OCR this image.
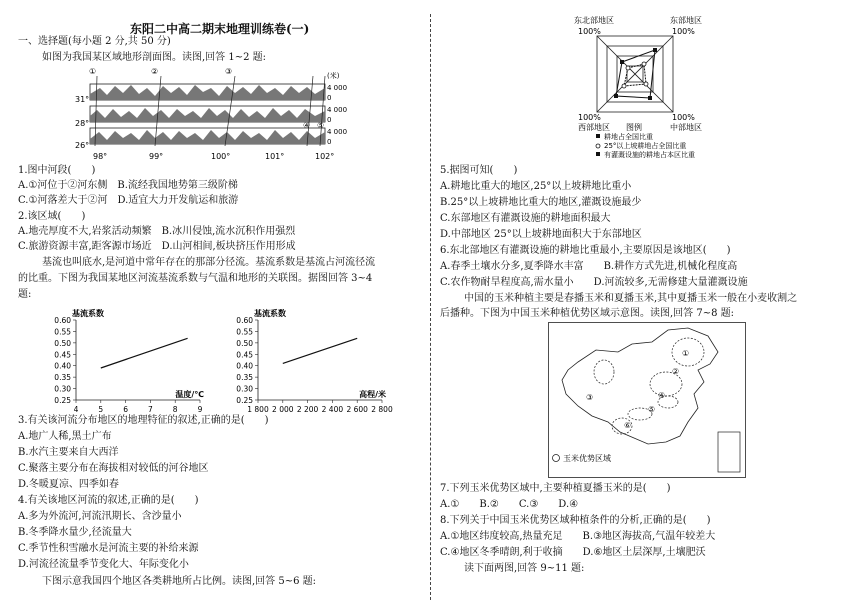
东阳二中高二期末地理训练卷(一)
一、选择题(每小题 2 分,共 50 分)
如图为我国某区域地形剖面图。读图,回答 1~2 题:
①	②	③
④ ⑤
31°
28°
26°
98°	99°	100°	101°	102°
(米)
4 000
0
4 000
0
4 000
0
1.图中河段(　　)
A.①河位于②河东侧　B.流经我国地势第三级阶梯
C.①河落差大于②河　D.适宜大力开发航运和旅游
2.该区域(　　)
A.地壳厚度不大,岩浆活动频繁　B.冰川侵蚀,流水沉积作用强烈
C.旅游资源丰富,距客源市场近　D.山河相间,板块挤压作用形成
基流也叫底水,是河道中常年存在的那部分径流。基流系数是基流占河流径流
的比重。下图为我国某地区河流基流系数与气温和地形的关联图。据图回答 3~4
题:
基流系数
0.60
0.55
0.50
0.45
0.40
0.35
0.30
0.25
4	5	6	7	8	9
温度/℃
基流系数
0.60
0.55
0.50
0.45
0.40
0.35
0.30
0.25
1 800 2 000 2 200 2 400 2 600 2 800
高程/米
3.有关该河流分布地区的地理特征的叙述,正确的是(　　)
A.地广人稀,黑土广布
B.水汽主要来自大西洋
C.聚落主要分布在海拔相对较低的河谷地区
D.冬暖夏凉、四季如春
4.有关该地区河流的叙述,正确的是(　　)
A.多为外流河,河流汛期长、含沙量小
B.冬季降水量少,径流量大
C.季节性积雪融水是河流主要的补给来源
D.河流径流量季节变化大、年际变化小
下图示意我国四个地区各类耕地所占比例。读图,回答 5~6 题:
东北部地区	东部地区
100%	100%
100%	100%
西部地区	中部地区
图例
耕地占全国比重
25°以上坡耕地占全国比重
有灌溉设施的耕地占本区比重
5.据图可知(　　)
A.耕地比重大的地区,25°以上坡耕地比重小
B.25°以上坡耕地比重大的地区,灌溉设施最少
C.东部地区有灌溉设施的耕地面积最大
D.中部地区 25°以上坡耕地面积大于东部地区
6.东北部地区有灌溉设施的耕地比重最小,主要原因是该地区(　　)
A.春季土壤水分多,夏季降水丰富　　B.耕作方式先进,机械化程度高
C.农作物耐旱程度高,需水量小　　D.河流较多,无需修建大量灌溉设施
中国的玉米种植主要是春播玉米和夏播玉米,其中夏播玉米一般在小麦收割之
后播种。下图为中国玉米种植优势区域示意图。读图,回答 7~8 题:
①
②
③	④
⑤
⑥
玉米优势区域
7.下列玉米优势区域中,主要种植夏播玉米的是(　　)
A.①　　B.②　　C.③　　D.④
8.下列关于中国玉米优势区域种植条件的分析,正确的是(　　)
A.①地区纬度较高,热量充足　　B.③地区海拔高,气温年较差大
C.④地区冬季晴朗,利于收摘　　D.⑥地区土层深厚,土壤肥沃
读下面两图,回答 9~11 题:
